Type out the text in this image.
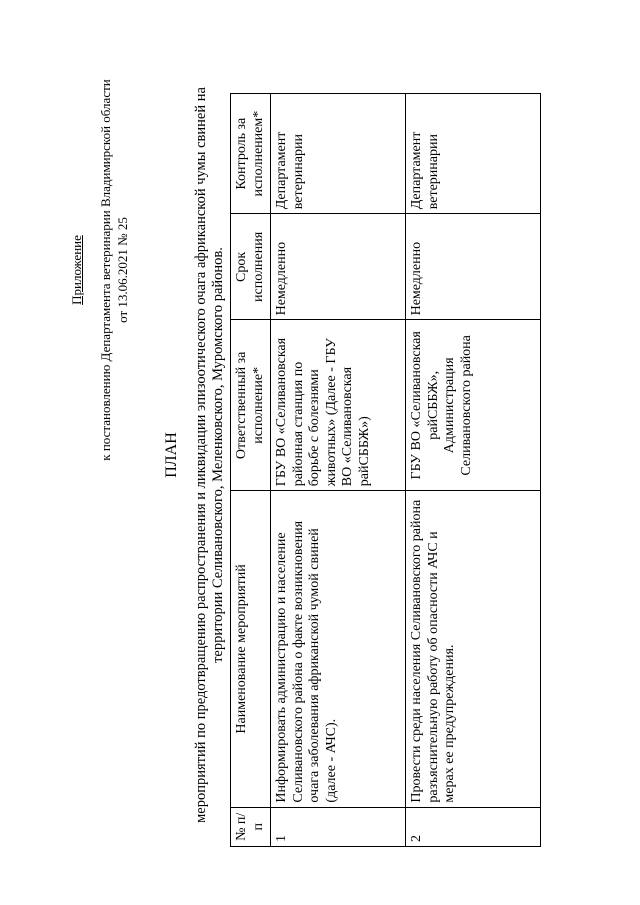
Приложение к постановлению Департамента ветеринарии Владимирской области от 13.06.2021 № 25
ПЛАН мероприятий по предотвращению распространения и ликвидации эпизоотического очага африканской чумы свиней на территории Селивановского, Меленковского, Муромского районов.
№ п/п	Наименование мероприятий	Ответственный за исполнение*	Срок исполнения	Контроль за исполнением*
1	Информировать администрацию и население Селивановского района о факте возникновения очага заболевания африканской чумой свиней (далее - АЧС).	ГБУ ВО «Селивановская районная станция по борьбе с болезнями животных» (Далее - ГБУ ВО «Селивановская райСББЖ»)	Немедленно	Департамент ветеринарии
2	Провести среди населения Селивановского района разъяснительную работу об опасности АЧС и мерах ее предупреждения.	ГБУ ВО «Селивановская райСББЖ», Администрация Селивановского района	Немедленно	Департамент ветеринарии
